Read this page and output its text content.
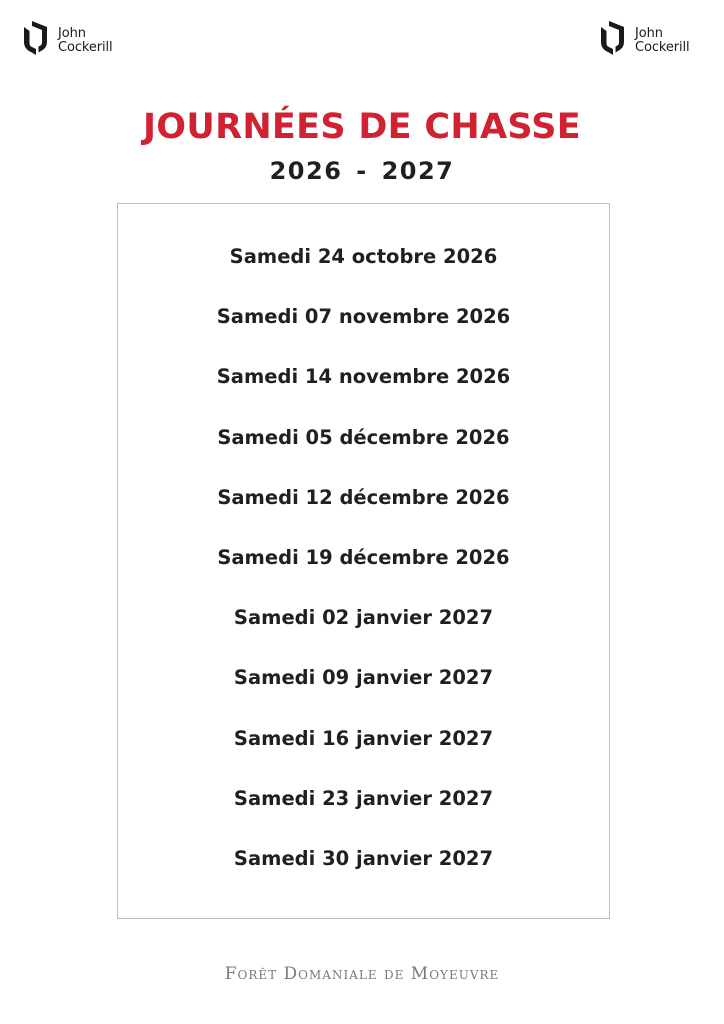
John
Cockerill
John
Cockerill
JOURNÉES DE CHASSE
2026 - 2027
Samedi 24 octobre 2026
Samedi 07 novembre 2026
Samedi 14 novembre 2026
Samedi 05 décembre 2026
Samedi 12 décembre 2026
Samedi 19 décembre 2026
Samedi 02 janvier 2027
Samedi 09 janvier 2027
Samedi 16 janvier 2027
Samedi 23 janvier 2027
Samedi 30 janvier 2027
Forêt Domaniale de Moyeuvre
